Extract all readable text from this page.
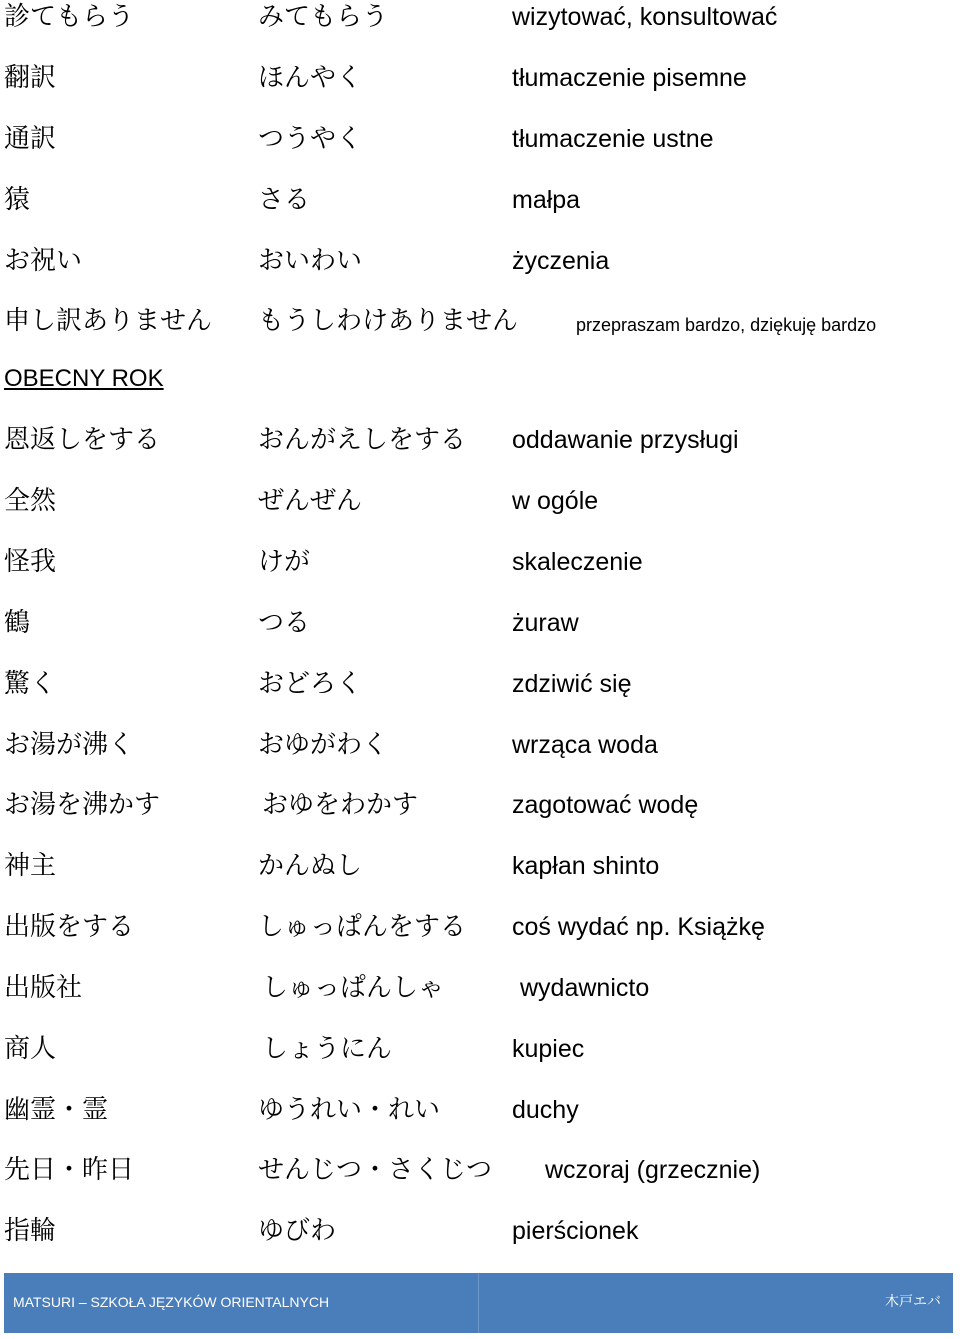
診てもらう	みてもらう	wizytować, konsultować
翻訳	ほんやく	tłumaczenie pisemne
通訳	つうやく	tłumaczenie ustne
猿	さる	małpa
お祝い	おいわい	życzenia
申し訳ありません もうしわけありません	przepraszam bardzo, dziękuję bardzo
OBECNY ROK
恩返しをする	おんがえしをする oddawanie przysługi
全然	ぜんぜん	w ogóle
怪我	けが	skaleczenie
鶴	つる	żuraw
驚く	おどろく	zdziwić się
お湯が沸く	おゆがわく	wrząca woda
お湯を沸かす	おゆをわかす	zagotować wodę
神主	かんぬし	kapłan shinto
出版をする	しゅっぱんをする coś wydać np. Książkę
出版社	しゅっぱんしゃ	wydawnicto
商人	しょうにん	kupiec
幽霊・霊	ゆうれい・れい	duchy
先日・昨日	せんじつ・さくじつ wczoraj (grzecznie)
指輪	ゆびわ	pierścionek
MATSURI – SZKOŁA JĘZYKÓW ORIENTALNYCH	木戸エバ
